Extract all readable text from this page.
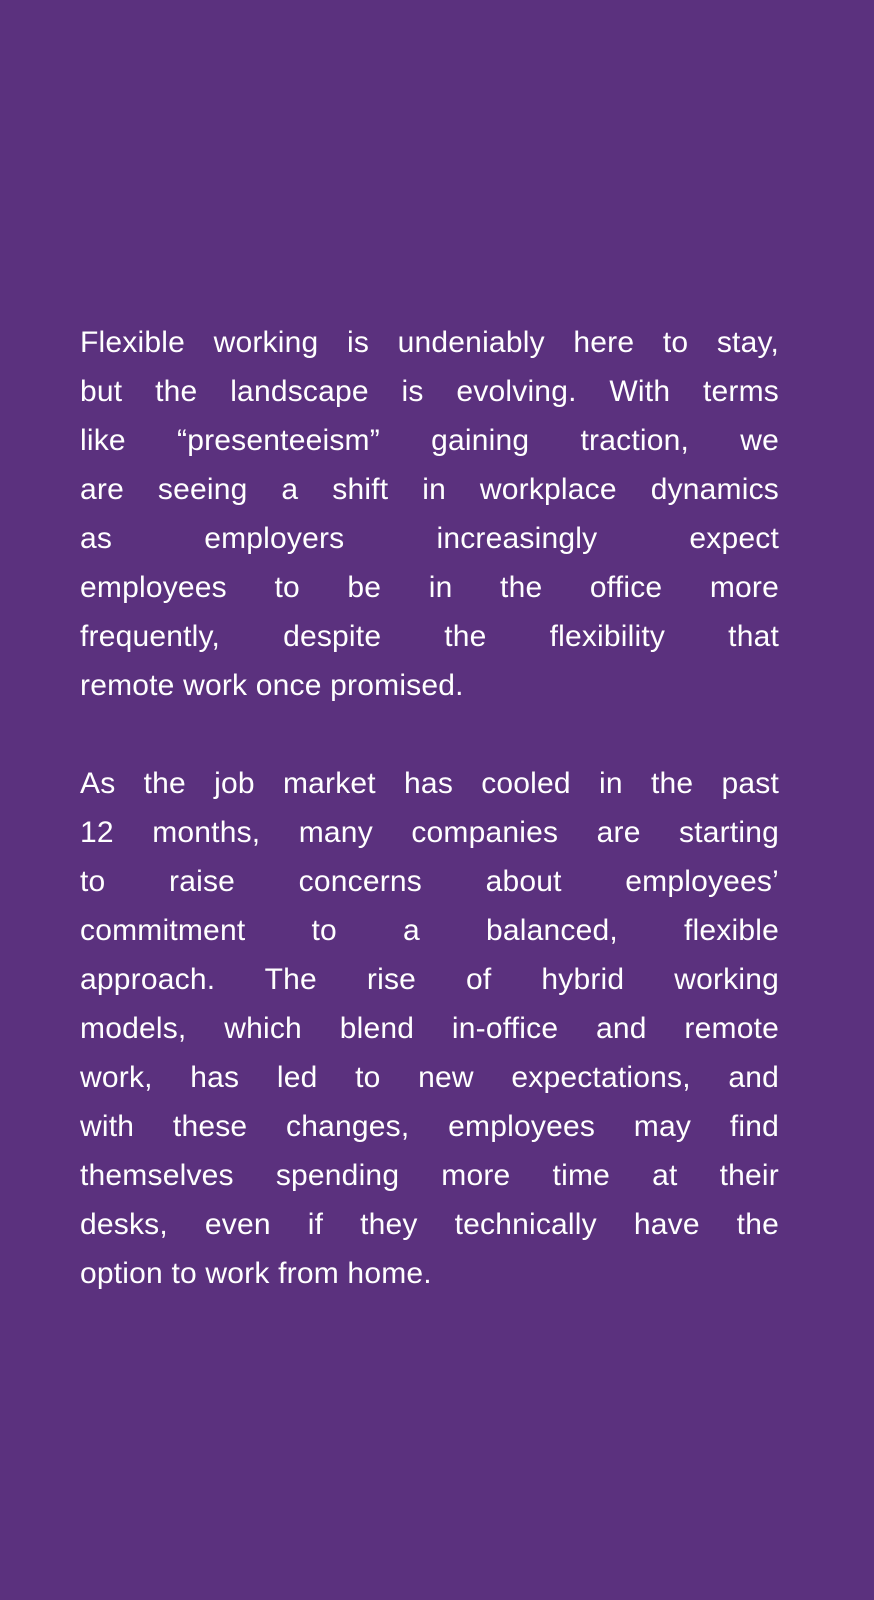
Flexible working is undeniably here to stay,
but the landscape is evolving. With terms
like “presenteeism” gaining traction, we
are seeing a shift in workplace dynamics
as employers increasingly expect
employees to be in the office more
frequently, despite the flexibility that
remote work once promised.
As the job market has cooled in the past
12 months, many companies are starting
to raise concerns about employees’
commitment to a balanced, flexible
approach. The rise of hybrid working
models, which blend in-office and remote
work, has led to new expectations, and
with these changes, employees may find
themselves spending more time at their
desks, even if they technically have the
option to work from home.
